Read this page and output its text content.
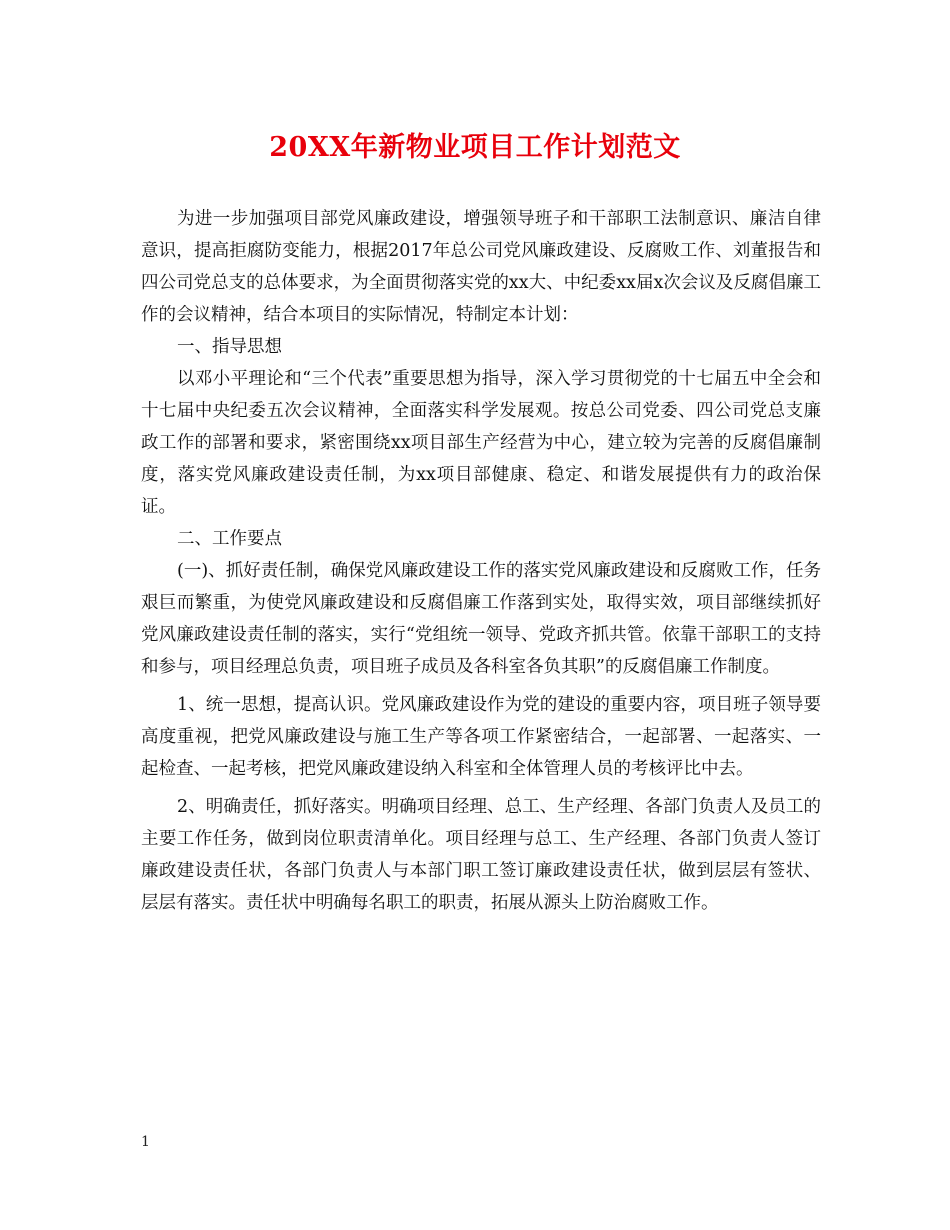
20XX年新物业项目工作计划范文

为进一步加强项目部党风廉政建设，增强领导班子和干部职工法制意识、廉洁自律意识，提高拒腐防变能力，根据2017年总公司党风廉政建设、反腐败工作、刘董报告和四公司党总支的总体要求，为全面贯彻落实党的xx大、中纪委xx届x次会议及反腐倡廉工作的会议精神，结合本项目的实际情况，特制定本计划：

一、指导思想

以邓小平理论和“三个代表”重要思想为指导，深入学习贯彻党的十七届五中全会和十七届中央纪委五次会议精神，全面落实科学发展观。按总公司党委、四公司党总支廉政工作的部署和要求，紧密围绕xx项目部生产经营为中心，建立较为完善的反腐倡廉制度，落实党风廉政建设责任制，为xx项目部健康、稳定、和谐发展提供有力的政治保证。

二、工作要点

(一)、抓好责任制，确保党风廉政建设工作的落实党风廉政建设和反腐败工作，任务艰巨而繁重，为使党风廉政建设和反腐倡廉工作落到实处，取得实效，项目部继续抓好党风廉政建设责任制的落实，实行“党组统一领导、党政齐抓共管。依靠干部职工的支持和参与，项目经理总负责，项目班子成员及各科室各负其职”的反腐倡廉工作制度。

1、统一思想，提高认识。党风廉政建设作为党的建设的重要内容，项目班子领导要高度重视，把党风廉政建设与施工生产等各项工作紧密结合，一起部署、一起落实、一起检查、一起考核，把党风廉政建设纳入科室和全体管理人员的考核评比中去。

2、明确责任，抓好落实。明确项目经理、总工、生产经理、各部门负责人及员工的主要工作任务，做到岗位职责清单化。项目经理与总工、生产经理、各部门负责人签订廉政建设责任状，各部门负责人与本部门职工签订廉政建设责任状，做到层层有签状、层层有落实。责任状中明确每名职工的职责，拓展从源头上防治腐败工作。

1
